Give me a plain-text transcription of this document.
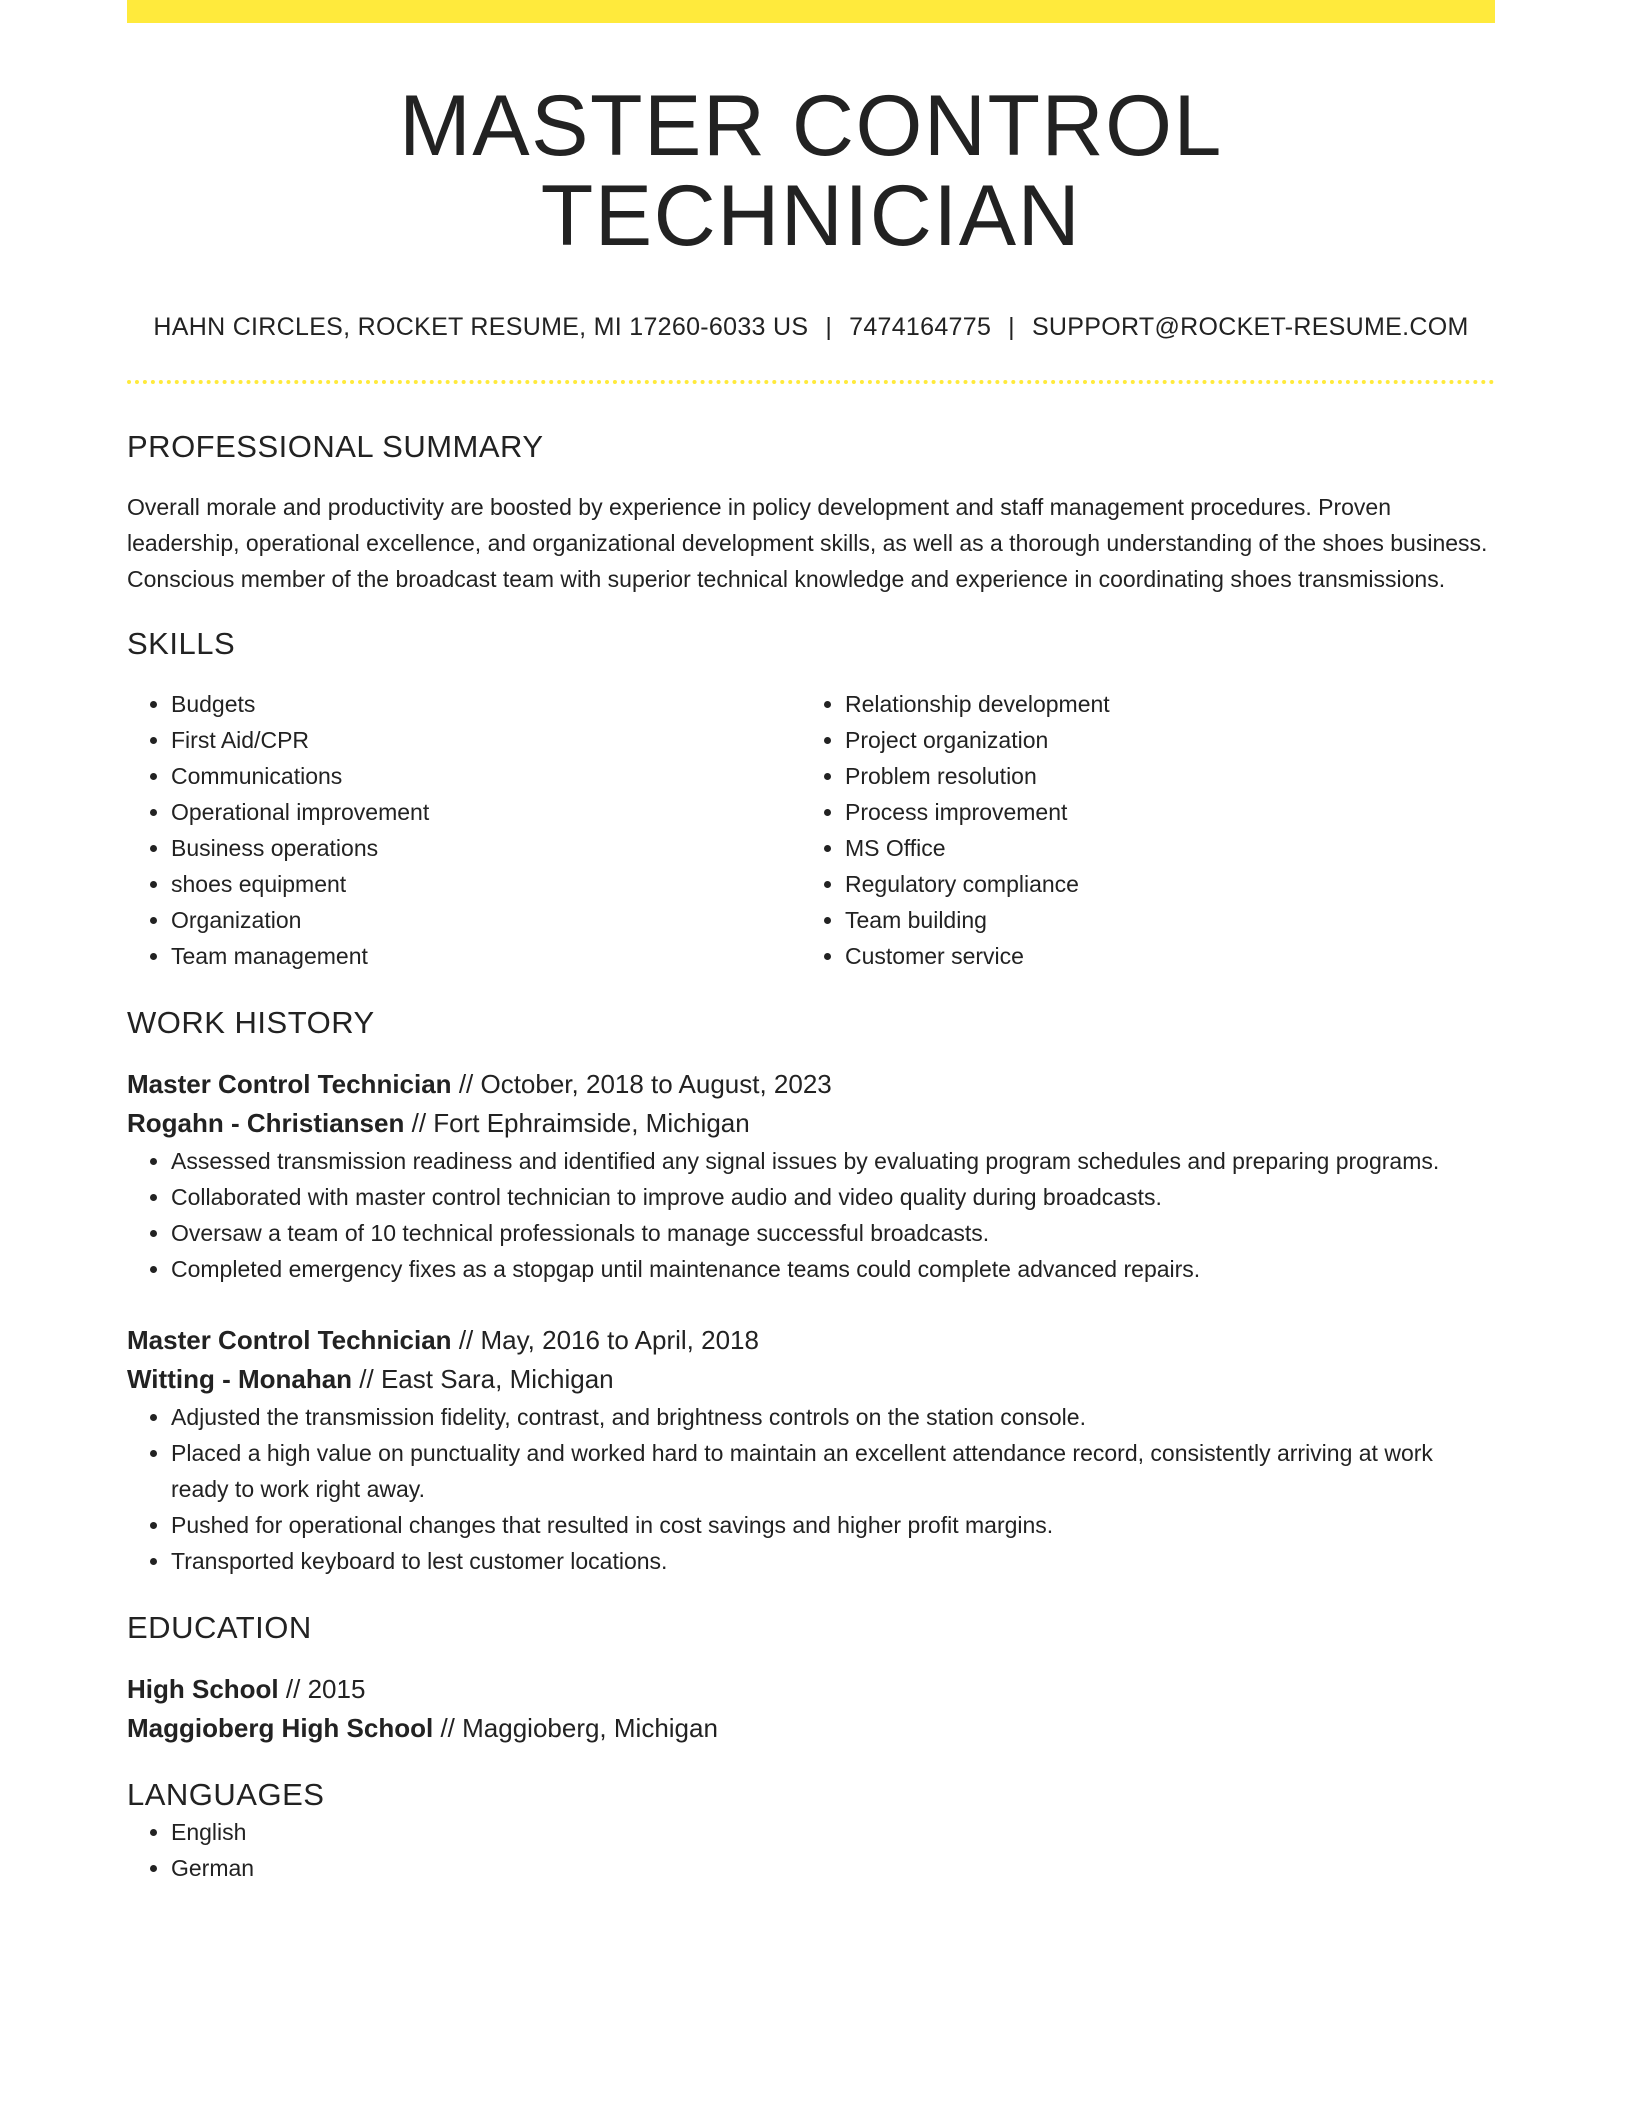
MASTER CONTROL TECHNICIAN
HAHN CIRCLES, ROCKET RESUME, MI 17260-6033 US | 7474164775 | SUPPORT@ROCKET-RESUME.COM
PROFESSIONAL SUMMARY

Overall morale and productivity are boosted by experience in policy development and staff management procedures. Proven leadership, operational excellence, and organizational development skills, as well as a thorough understanding of the shoes business. Conscious member of the broadcast team with superior technical knowledge and experience in coordinating shoes transmissions.

SKILLS
• Budgets
• First Aid/CPR
• Communications
• Operational improvement
• Business operations
• shoes equipment
• Organization
• Team management
• Relationship development
• Project organization
• Problem resolution
• Process improvement
• MS Office
• Regulatory compliance
• Team building
• Customer service
WORK HISTORY
Master Control Technician // October, 2018 to August, 2023
Rogahn - Christiansen // Fort Ephraimside, Michigan
• Assessed transmission readiness and identified any signal issues by evaluating program schedules and preparing programs.
• Collaborated with master control technician to improve audio and video quality during broadcasts.
• Oversaw a team of 10 technical professionals to manage successful broadcasts.
• Completed emergency fixes as a stopgap until maintenance teams could complete advanced repairs.
Master Control Technician // May, 2016 to April, 2018
Witting - Monahan // East Sara, Michigan
• Adjusted the transmission fidelity, contrast, and brightness controls on the station console.
• Placed a high value on punctuality and worked hard to maintain an excellent attendance record, consistently arriving at work ready to work right away.
• Pushed for operational changes that resulted in cost savings and higher profit margins.
• Transported keyboard to lest customer locations.
EDUCATION
High School // 2015
Maggioberg High School // Maggioberg, Michigan
LANGUAGES
• English
• German
